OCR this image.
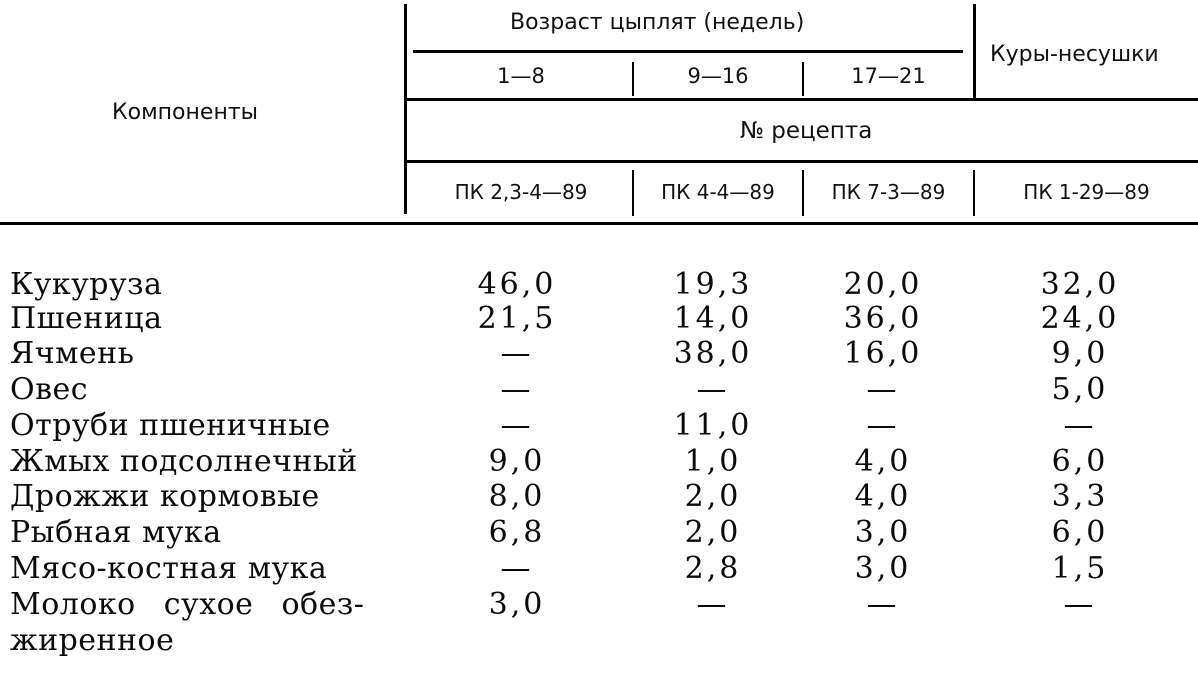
Компоненты
Возраст цыплят (недель)
Куры-несушки
1—8	9—16	17—21
№ рецепта
ПК 2,3-4—89	ПК 4-4—89	ПК 7-3—89	ПК 1-29—89
Кукуруза	46,0	19,3	20,0	32,0
Пшеница	21,5	14,0	36,0	24,0
Ячмень	—	38,0	16,0	9,0
Овес	—	—	—	5,0
Отруби пшеничные	—	11,0	—	—
Жмых подсолнечный	9,0	1,0	4,0	6,0
Дрожжи кормовые	8,0	2,0	4,0	3,3
Рыбная мука	6,8	2,0	3,0	6,0
Мясо-костная мука	—	2,8	3,0	1,5
Молоко сухое обез-	3,0	—	—	—
жиренное
